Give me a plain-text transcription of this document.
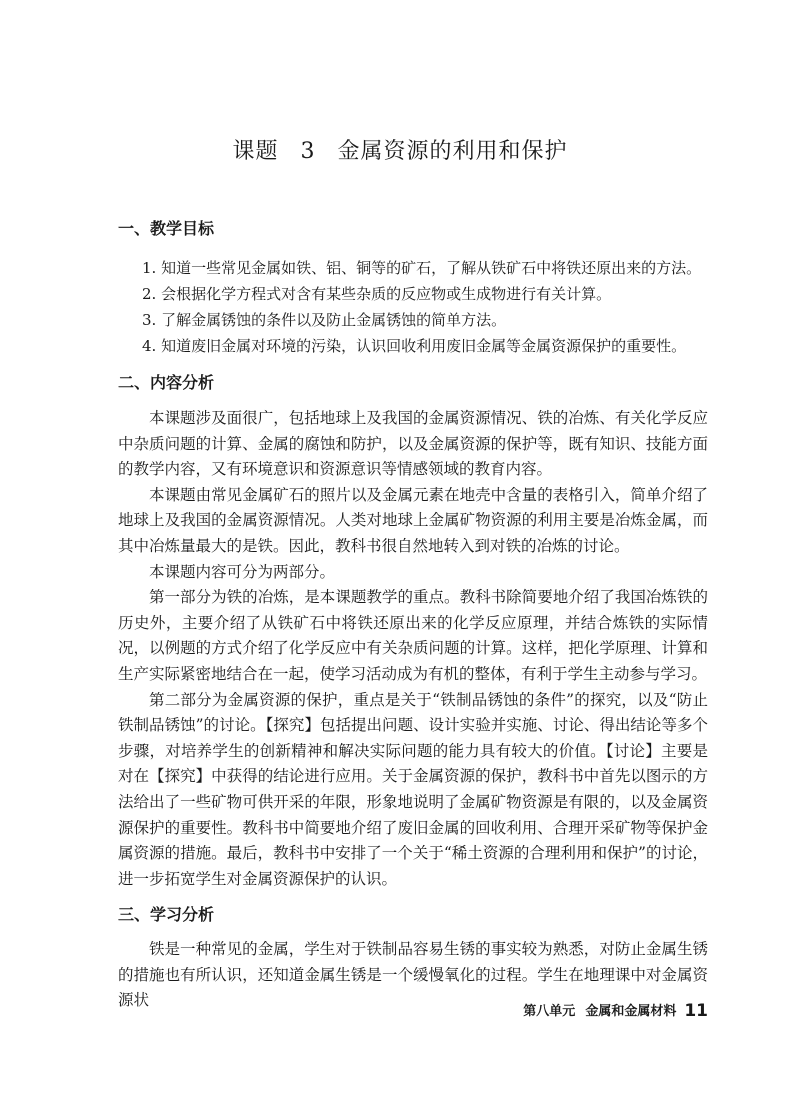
课题 3 金属资源的利用和保护
一、教学目标
1. 知道一些常见金属如铁、铝、铜等的矿石，了解从铁矿石中将铁还原出来的方法。
2. 会根据化学方程式对含有某些杂质的反应物或生成物进行有关计算。
3. 了解金属锈蚀的条件以及防止金属锈蚀的简单方法。
4. 知道废旧金属对环境的污染，认识回收利用废旧金属等金属资源保护的重要性。
二、内容分析

本课题涉及面很广，包括地球上及我国的金属资源情况、铁的冶炼、有关化学反应中杂质问题的计算、金属的腐蚀和防护，以及金属资源的保护等，既有知识、技能方面的教学内容，又有环境意识和资源意识等情感领域的教育内容。

本课题由常见金属矿石的照片以及金属元素在地壳中含量的表格引入，简单介绍了地球上及我国的金属资源情况。人类对地球上金属矿物资源的利用主要是冶炼金属，而其中冶炼量最大的是铁。因此，教科书很自然地转入到对铁的冶炼的讨论。

本课题内容可分为两部分。

第一部分为铁的冶炼，是本课题教学的重点。教科书除简要地介绍了我国冶炼铁的历史外，主要介绍了从铁矿石中将铁还原出来的化学反应原理，并结合炼铁的实际情况，以例题的方式介绍了化学反应中有关杂质问题的计算。这样，把化学原理、计算和生产实际紧密地结合在一起，使学习活动成为有机的整体，有利于学生主动参与学习。

第二部分为金属资源的保护，重点是关于“铁制品锈蚀的条件”的探究，以及“防止铁制品锈蚀”的讨论。【探究】包括提出问题、设计实验并实施、讨论、得出结论等多个步骤，对培养学生的创新精神和解决实际问题的能力具有较大的价值。【讨论】主要是对在【探究】中获得的结论进行应用。关于金属资源的保护，教科书中首先以图示的方法给出了一些矿物可供开采的年限，形象地说明了金属矿物资源是有限的，以及金属资源保护的重要性。教科书中简要地介绍了废旧金属的回收利用、合理开采矿物等保护金属资源的措施。最后，教科书中安排了一个关于“稀土资源的合理利用和保护”的讨论，进一步拓宽学生对金属资源保护的认识。

三、学习分析

铁是一种常见的金属，学生对于铁制品容易生锈的事实较为熟悉，对防止金属生锈的措施也有所认识，还知道金属生锈是一个缓慢氧化的过程。学生在地理课中对金属资源状

第八单元 金属和金属材料 11
